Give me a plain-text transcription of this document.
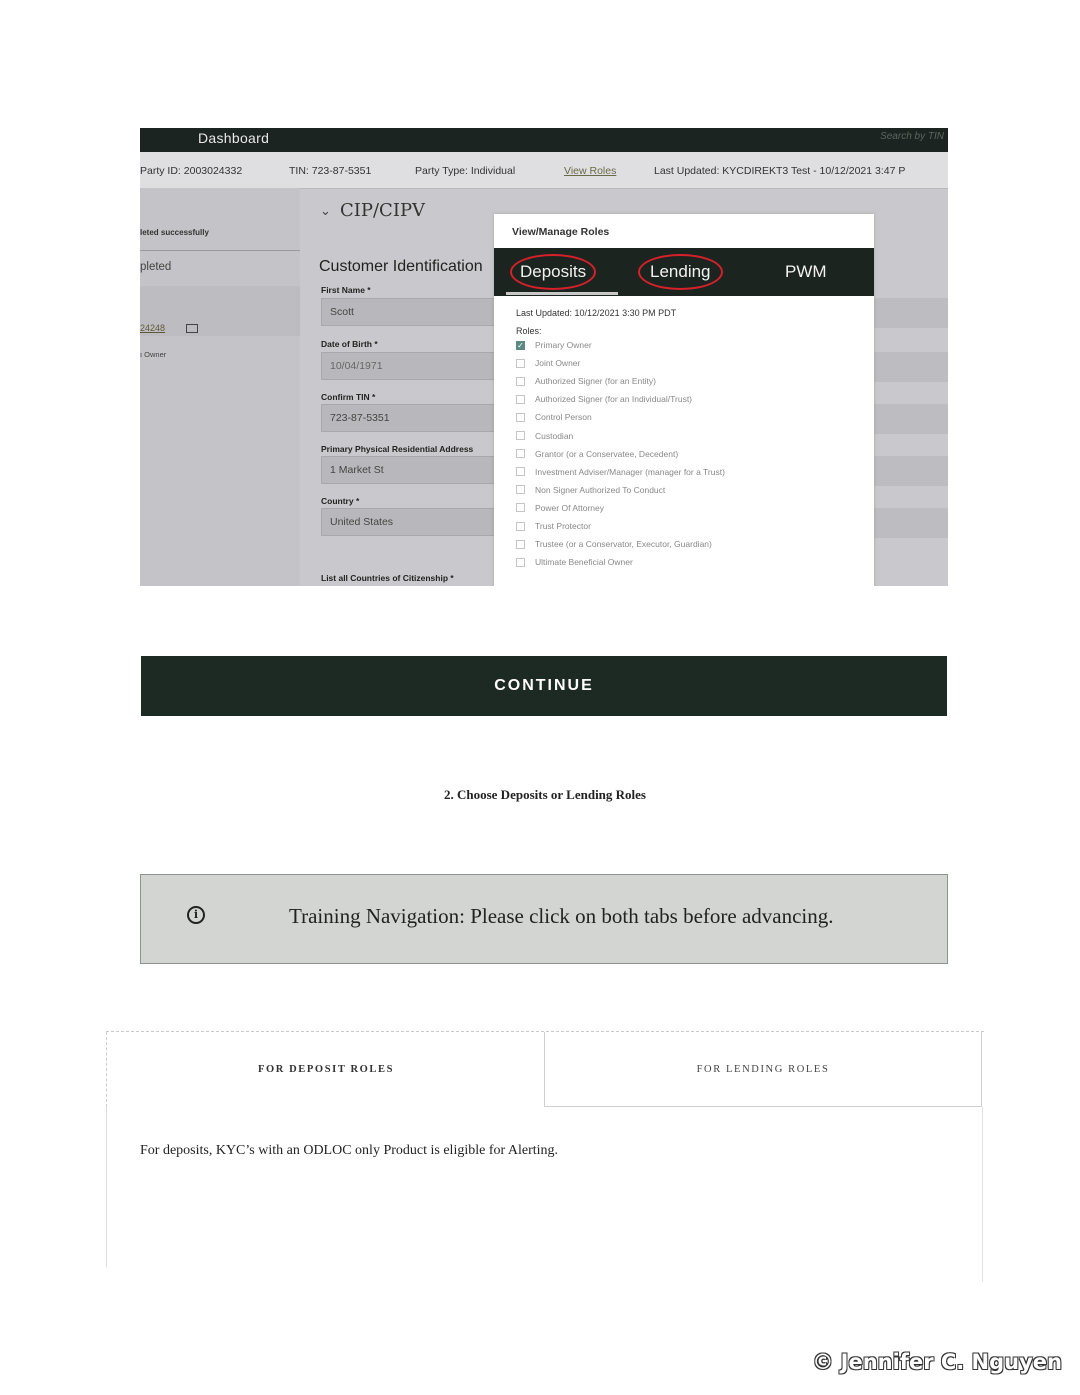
Dashboard	Search by TIN
Party ID: 2003024332	TIN: 723-87-5351	Party Type: Individual	View Roles	Last Updated: KYCDIREKT3 Test - 10/12/2021 3:47 P
leted successfully
pleted
24248
ı Owner
⌄ CIP/CIPV
Customer Identification
First Name *
Scott
Date of Birth *
10/04/1971
Confirm TIN *
723-87-5351
Primary Physical Residential Address
1 Market St
Country *
United States
List all Countries of Citizenship *
View/Manage Roles
Deposits	Lending	PWM
Last Updated: 10/12/2021 3:30 PM PDT
Roles:
✓ Primary Owner
Joint Owner
Authorized Signer (for an Entity)
Authorized Signer (for an Individual/Trust)
Control Person
Custodian
Grantor (or a Conservatee, Decedent)
Investment Adviser/Manager (manager for a Trust)
Non Signer Authorized To Conduct
Power Of Attorney
Trust Protector
Trustee (or a Conservator, Executor, Guardian)
Ultimate Beneficial Owner
CONTINUE
2. Choose Deposits or Lending Roles
i	Training Navigation: Please click on both tabs before advancing.
FOR DEPOSIT ROLES	FOR LENDING ROLES
For deposits, KYC’s with an ODLOC only Product is eligible for Alerting.
© Jennifer C. Nguyen
